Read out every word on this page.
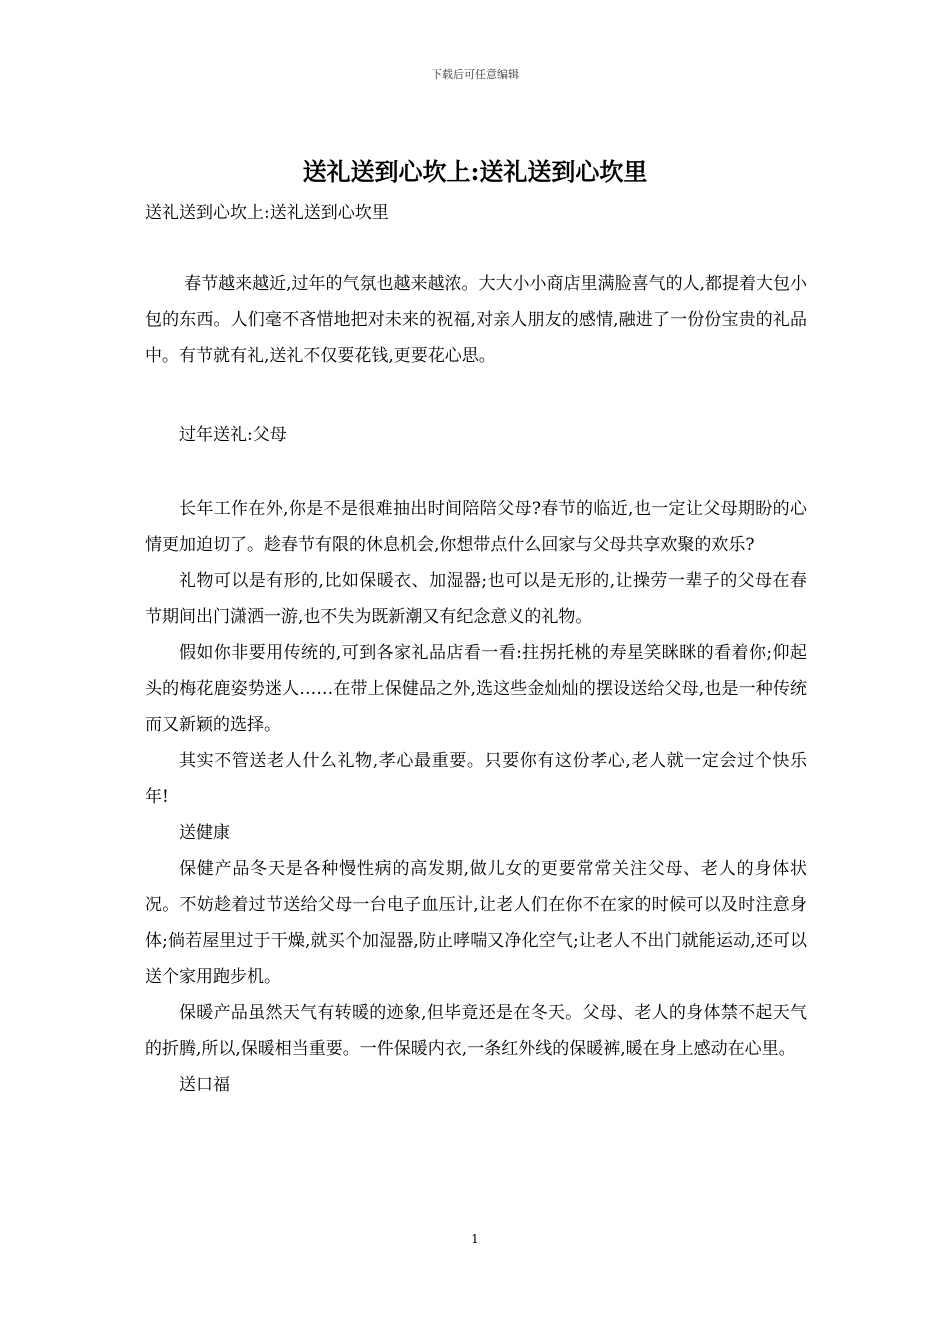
下载后可任意编辑
送礼送到心坎上:送礼送到心坎里
送礼送到心坎上:送礼送到心坎里

春节越来越近,过年的气氛也越来越浓。大大小小商店里满脸喜气的人,都提着大包小包的东西。人们毫不吝惜地把对未来的祝福,对亲人朋友的感情,融进了一份份宝贵的礼品中。有节就有礼,送礼不仅要花钱,更要花心思。

过年送礼:父母

长年工作在外,你是不是很难抽出时间陪陪父母?春节的临近,也一定让父母期盼的心情更加迫切了。趁春节有限的休息机会,你想带点什么回家与父母共享欢聚的欢乐?

礼物可以是有形的,比如保暖衣、加湿器;也可以是无形的,让操劳一辈子的父母在春节期间出门潇洒一游,也不失为既新潮又有纪念意义的礼物。

假如你非要用传统的,可到各家礼品店看一看:拄拐托桃的寿星笑眯眯的看着你;仰起头的梅花鹿姿势迷人……在带上保健品之外,选这些金灿灿的摆设送给父母,也是一种传统而又新颖的选择。

其实不管送老人什么礼物,孝心最重要。只要你有这份孝心,老人就一定会过个快乐年!

送健康

保健产品冬天是各种慢性病的高发期,做儿女的更要常常关注父母、老人的身体状况。不妨趁着过节送给父母一台电子血压计,让老人们在你不在家的时候可以及时注意身体;倘若屋里过于干燥,就买个加湿器,防止哮喘又净化空气;让老人不出门就能运动,还可以送个家用跑步机。

保暖产品虽然天气有转暖的迹象,但毕竟还是在冬天。父母、老人的身体禁不起天气的折腾,所以,保暖相当重要。一件保暖内衣,一条红外线的保暖裤,暖在身上感动在心里。

送口福

1
